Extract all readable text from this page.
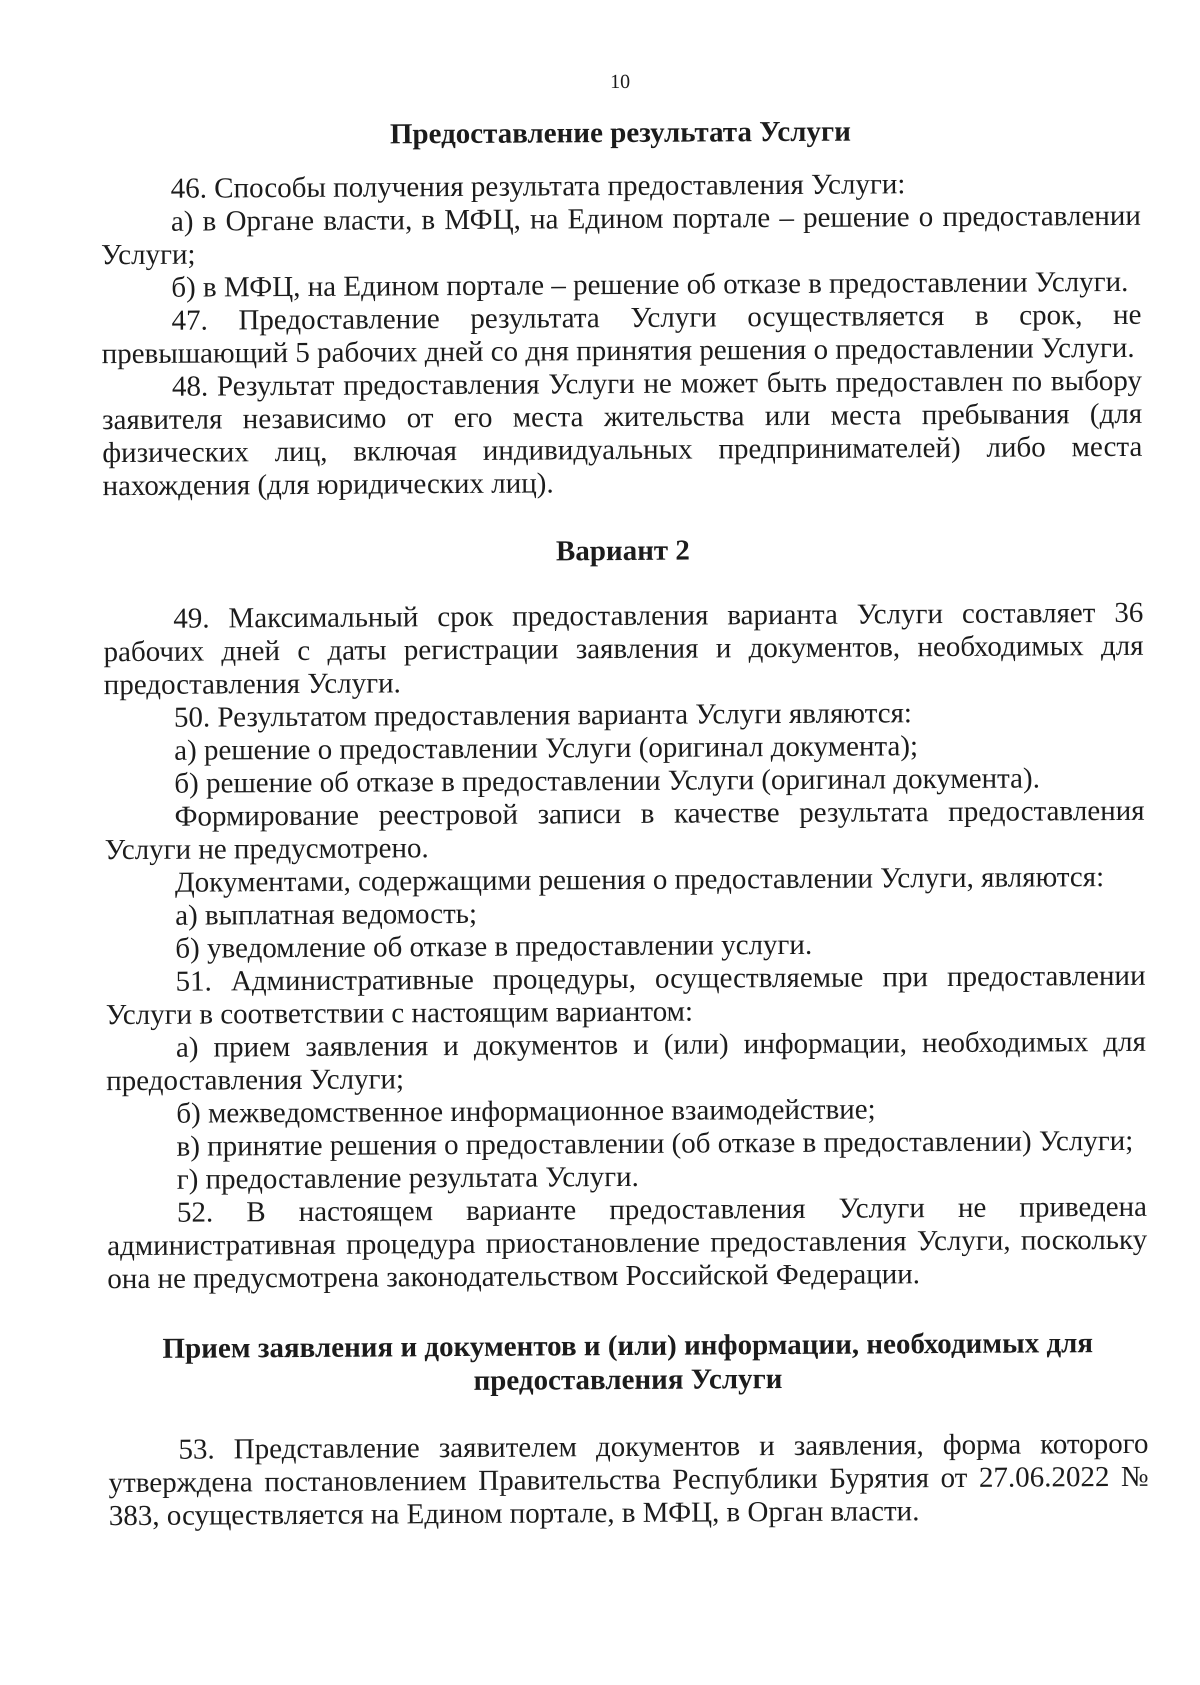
10
Предоставление результата Услуги

46. Способы получения результата предоставления Услуги:

а) в Органе власти, в МФЦ, на Едином портале – решение о предоставлении Услуги;

б) в МФЦ, на Едином портале – решение об отказе в предоставлении Услуги.

47. Предоставление результата Услуги осуществляется в срок, не превышающий 5 рабочих дней со дня принятия решения о предоставлении Услуги.

48. Результат предоставления Услуги не может быть предоставлен по выбору заявителя независимо от его места жительства или места пребывания (для физических лиц, включая индивидуальных предпринимателей) либо места нахождения (для юридических лиц).

Вариант 2

49. Максимальный срок предоставления варианта Услуги составляет 36 рабочих дней с даты регистрации заявления и документов, необходимых для предоставления Услуги.

50. Результатом предоставления варианта Услуги являются:

а) решение о предоставлении Услуги (оригинал документа);

б) решение об отказе в предоставлении Услуги (оригинал документа).

Формирование реестровой записи в качестве результата предоставления Услуги не предусмотрено.

Документами, содержащими решения о предоставлении Услуги, являются:

а) выплатная ведомость;

б) уведомление об отказе в предоставлении услуги.

51. Административные процедуры, осуществляемые при предоставлении Услуги в соответствии с настоящим вариантом:

а) прием заявления и документов и (или) информации, необходимых для предоставления Услуги;

б) межведомственное информационное взаимодействие;

в) принятие решения о предоставлении (об отказе в предоставлении) Услуги;

г) предоставление результата Услуги.

52. В настоящем варианте предоставления Услуги не приведена административная процедура приостановление предоставления Услуги, поскольку она не предусмотрена законодательством Российской Федерации.

Прием заявления и документов и (или) информации, необходимых для предоставления Услуги

53. Представление заявителем документов и заявления, форма которого утверждена постановлением Правительства Республики Бурятия от 27.06.2022 № 383, осуществляется на Едином портале, в МФЦ, в Орган власти.
